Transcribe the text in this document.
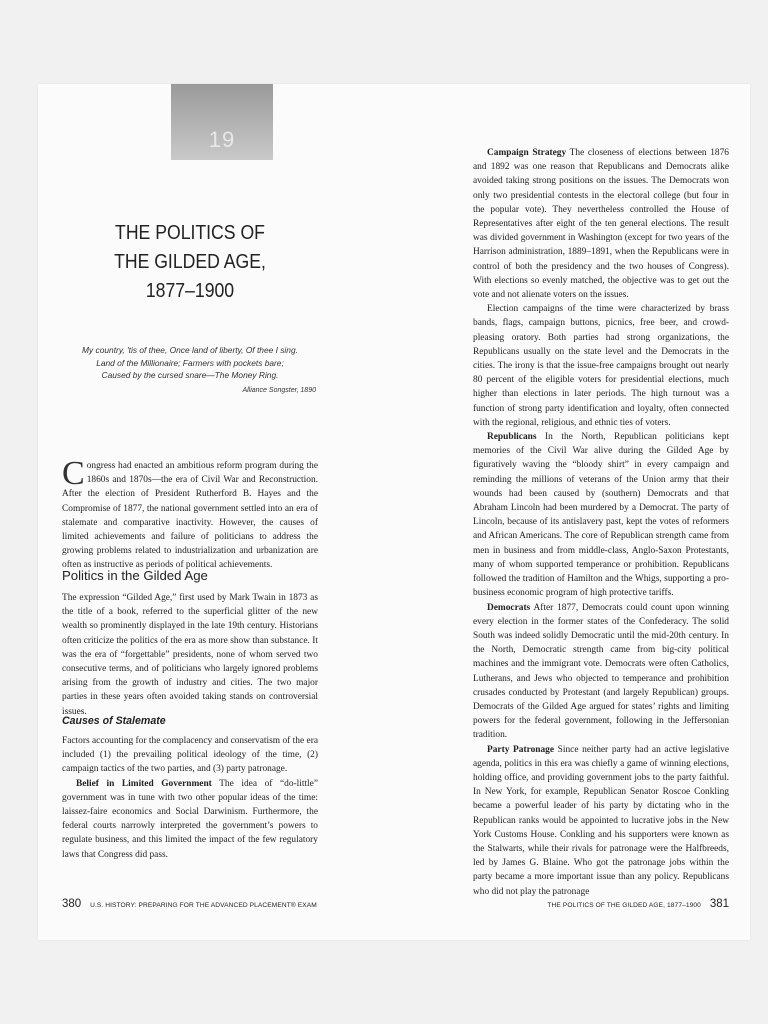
19
THE POLITICS OF
THE GILDED AGE,
1877–1900
My country, 'tis of thee, Once land of liberty, Of thee I sing.
Land of the Millionaire; Farmers with pockets bare;
Caused by the cursed snare—The Money Ring.
Alliance Songster, 1890

Congress had enacted an ambitious reform program during the 1860s and 1870s—the era of Civil War and Reconstruction. After the election of President Rutherford B. Hayes and the Compromise of 1877, the national government settled into an era of stalemate and comparative inactivity. However, the causes of limited achievements and failure of politicians to address the growing problems related to industrialization and urbanization are often as instructive as periods of political achievements.

Politics in the Gilded Age

The expression “Gilded Age,” first used by Mark Twain in 1873 as the title of a book, referred to the superficial glitter of the new wealth so prominently displayed in the late 19th century. Historians often criticize the politics of the era as more show than substance. It was the era of “forgettable” presidents, none of whom served two consecutive terms, and of politicians who largely ignored problems arising from the growth of industry and cities. The two major parties in these years often avoided taking stands on controversial issues.

Causes of Stalemate

Factors accounting for the complacency and conservatism of the era included (1) the prevailing political ideology of the time, (2) campaign tactics of the two parties, and (3) party patronage.

Belief in Limited Government The idea of “do-little” government was in tune with two other popular ideas of the time: laissez-faire economics and Social Darwinism. Furthermore, the federal courts narrowly interpreted the government’s powers to regulate business, and this limited the impact of the few regulatory laws that Congress did pass.

380 U.S. HISTORY: PREPARING FOR THE ADVANCED PLACEMENT® EXAM

Campaign Strategy The closeness of elections between 1876 and 1892 was one reason that Republicans and Democrats alike avoided taking strong positions on the issues. The Democrats won only two presidential contests in the electoral college (but four in the popular vote). They nevertheless controlled the House of Representatives after eight of the ten general elections. The result was divided government in Washington (except for two years of the Harrison administration, 1889–1891, when the Republicans were in control of both the presidency and the two houses of Congress). With elections so evenly matched, the objective was to get out the vote and not alienate voters on the issues.

Election campaigns of the time were characterized by brass bands, flags, campaign buttons, picnics, free beer, and crowd-pleasing oratory. Both parties had strong organizations, the Republicans usually on the state level and the Democrats in the cities. The irony is that the issue-free campaigns brought out nearly 80 percent of the eligible voters for presidential elections, much higher than elections in later periods. The high turnout was a function of strong party identification and loyalty, often connected with the regional, religious, and ethnic ties of voters.

Republicans In the North, Republican politicians kept memories of the Civil War alive during the Gilded Age by figuratively waving the “bloody shirt” in every campaign and reminding the millions of veterans of the Union army that their wounds had been caused by (southern) Democrats and that Abraham Lincoln had been murdered by a Democrat. The party of Lincoln, because of its antislavery past, kept the votes of reformers and African Americans. The core of Republican strength came from men in business and from middle-class, Anglo-Saxon Protestants, many of whom supported temperance or prohibition. Republicans followed the tradition of Hamilton and the Whigs, supporting a pro-business economic program of high protective tariffs.

Democrats After 1877, Democrats could count upon winning every election in the former states of the Confederacy. The solid South was indeed solidly Democratic until the mid-20th century. In the North, Democratic strength came from big-city political machines and the immigrant vote. Democrats were often Catholics, Lutherans, and Jews who objected to temperance and prohibition crusades conducted by Protestant (and largely Republican) groups. Democrats of the Gilded Age argued for states’ rights and limiting powers for the federal government, following in the Jeffersonian tradition.

Party Patronage Since neither party had an active legislative agenda, politics in this era was chiefly a game of winning elections, holding office, and providing government jobs to the party faithful. In New York, for example, Republican Senator Roscoe Conkling became a powerful leader of his party by dictating who in the Republican ranks would be appointed to lucrative jobs in the New York Customs House. Conkling and his supporters were known as the Stalwarts, while their rivals for patronage were the Halfbreeds, led by James G. Blaine. Who got the patronage jobs within the party became a more important issue than any policy. Republicans who did not play the patronage

THE POLITICS OF THE GILDED AGE, 1877–1900 381
